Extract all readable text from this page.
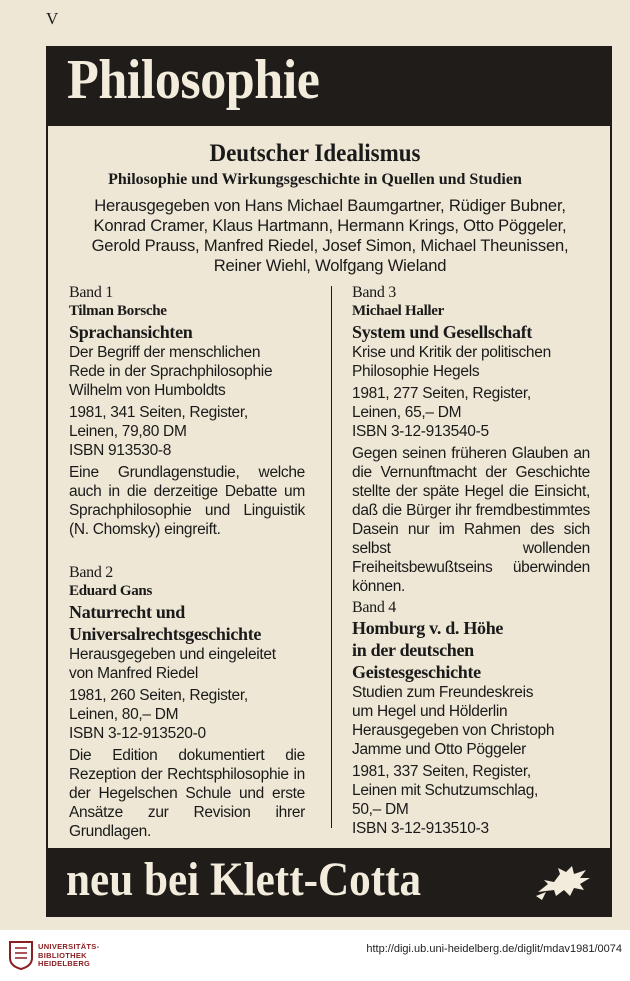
V
Philosophie
Deutscher Idealismus
Philosophie und Wirkungsgeschichte in Quellen und Studien
Herausgegeben von Hans Michael Baumgartner, Rüdiger Bubner,
Konrad Cramer, Klaus Hartmann, Hermann Krings, Otto Pöggeler,
Gerold Prauss, Manfred Riedel, Josef Simon, Michael Theunissen,
Reiner Wiehl, Wolfgang Wieland
Band 1
Tilman Borsche
Sprachansichten
Der Begriff der menschlichen
Rede in der Sprachphilosophie
Wilhelm von Humboldts
1981, 341 Seiten, Register,
Leinen, 79,80 DM
ISBN 913530-8
Eine Grundlagenstudie, welche auch in die derzeitige Debatte um Sprachphilosophie und Linguistik (N. Chomsky) eingreift.
Band 2
Eduard Gans
Naturrecht und
Universalrechtsgeschichte
Herausgegeben und eingeleitet
von Manfred Riedel
1981, 260 Seiten, Register,
Leinen, 80,– DM
ISBN 3-12-913520-0
Die Edition dokumentiert die Rezeption der Rechtsphilosophie in der Hegelschen Schule und erste Ansätze zur Revision ihrer Grundlagen.
Band 3
Michael Haller
System und Gesellschaft
Krise und Kritik der politischen
Philosophie Hegels
1981, 277 Seiten, Register,
Leinen, 65,– DM
ISBN 3-12-913540-5
Gegen seinen früheren Glauben an die Vernunftmacht der Geschichte stellte der späte Hegel die Einsicht, daß die Bürger ihr fremdbestimmtes Dasein nur im Rahmen des sich selbst wollenden Freiheitsbewußtseins überwinden können.
Band 4
Homburg v. d. Höhe
in der deutschen
Geistesgeschichte
Studien zum Freundeskreis
um Hegel und Hölderlin
Herausgegeben von Christoph
Jamme und Otto Pöggeler
1981, 337 Seiten, Register,
Leinen mit Schutzumschlag,
50,– DM
ISBN 3-12-913510-3
neu bei Klett-Cotta
UNIVERSITÄTS-
BIBLIOTHEK
HEIDELBERG
http://digi.ub.uni-heidelberg.de/diglit/mdav1981/0074
